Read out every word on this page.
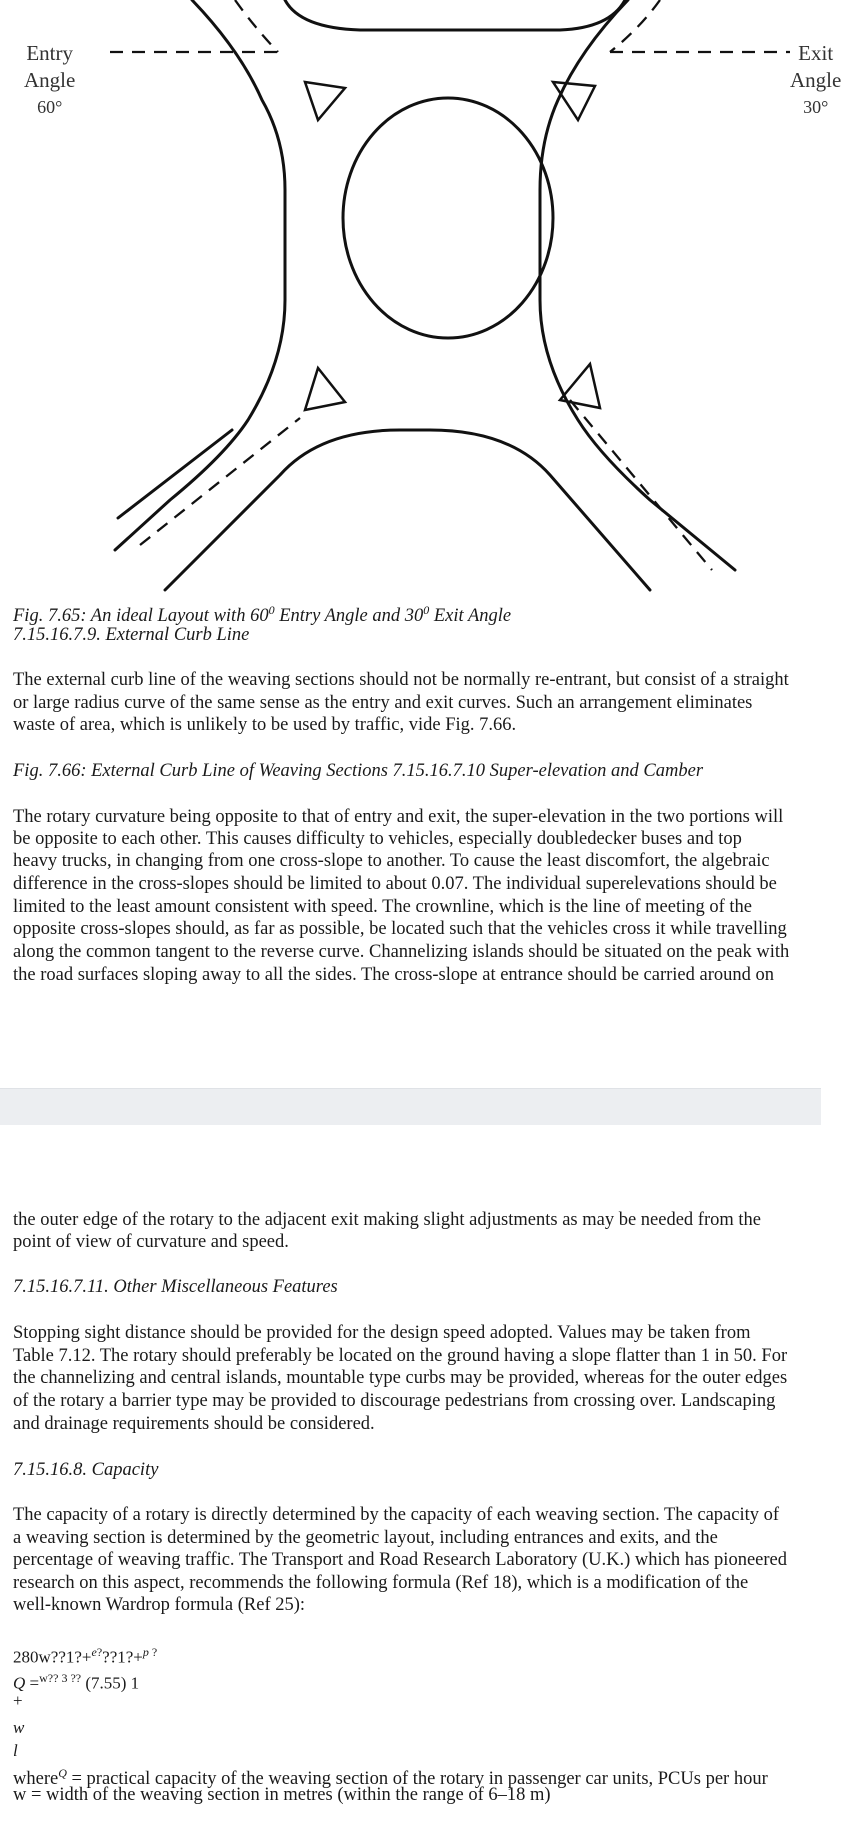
Entry
Angle
60°
Exit
Angle
30°

Fig. 7.65: An ideal Layout with $60^0$ Entry Angle and $30^0$ Exit Angle

7.15.16.7.9. External Curb Line

The external curb line of the weaving sections should not be normally re-entrant, but consist of a straight

or large radius curve of the same sense as the entry and exit curves. Such an arrangement eliminates

waste of area, which is unlikely to be used by traffic, vide Fig. 7.66.

Fig. 7.66: External Curb Line of Weaving Sections 7.15.16.7.10 Super-elevation and Camber

The rotary curvature being opposite to that of entry and exit, the super-elevation in the two portions will

be opposite to each other. This causes difficulty to vehicles, especially doubledecker buses and top

heavy trucks, in changing from one cross-slope to another. To cause the least discomfort, the algebraic

difference in the cross-slopes should be limited to about 0.07. The individual superelevations should be

limited to the least amount consistent with speed. The crownline, which is the line of meeting of the

opposite cross-slopes should, as far as possible, be located such that the vehicles cross it while travelling

along the common tangent to the reverse curve. Channelizing islands should be situated on the peak with

the road surfaces sloping away to all the sides. The cross-slope at entrance should be carried around on

the outer edge of the rotary to the adjacent exit making slight adjustments as may be needed from the

point of view of curvature and speed.

7.15.16.7.11. Other Miscellaneous Features

Stopping sight distance should be provided for the design speed adopted. Values may be taken from

Table 7.12. The rotary should preferably be located on the ground having a slope flatter than 1 in 50. For

the channelizing and central islands, mountable type curbs may be provided, whereas for the outer edges

of the rotary a barrier type may be provided to discourage pedestrians from crossing over. Landscaping

and drainage requirements should be considered.

7.15.16.8. Capacity

The capacity of a rotary is directly determined by the capacity of each weaving section. The capacity of

a weaving section is determined by the geometric layout, including entrances and exits, and the

percentage of weaving traffic. The Transport and Road Research Laboratory (U.K.) which has pioneered

research on this aspect, recommends the following formula (Ref 18), which is a modification of the

well-known Wardrop formula (Ref 25):

280w??1?+$^{e?}$??1?+$^p$ ?

Q =$^{w?? 3 ??}$ (7.55) 1

+

w

l

where$^Q$ = practical capacity of the weaving section of the rotary in passenger car units, PCUs per hour

w = width of the weaving section in metres (within the range of 6–18 m)
